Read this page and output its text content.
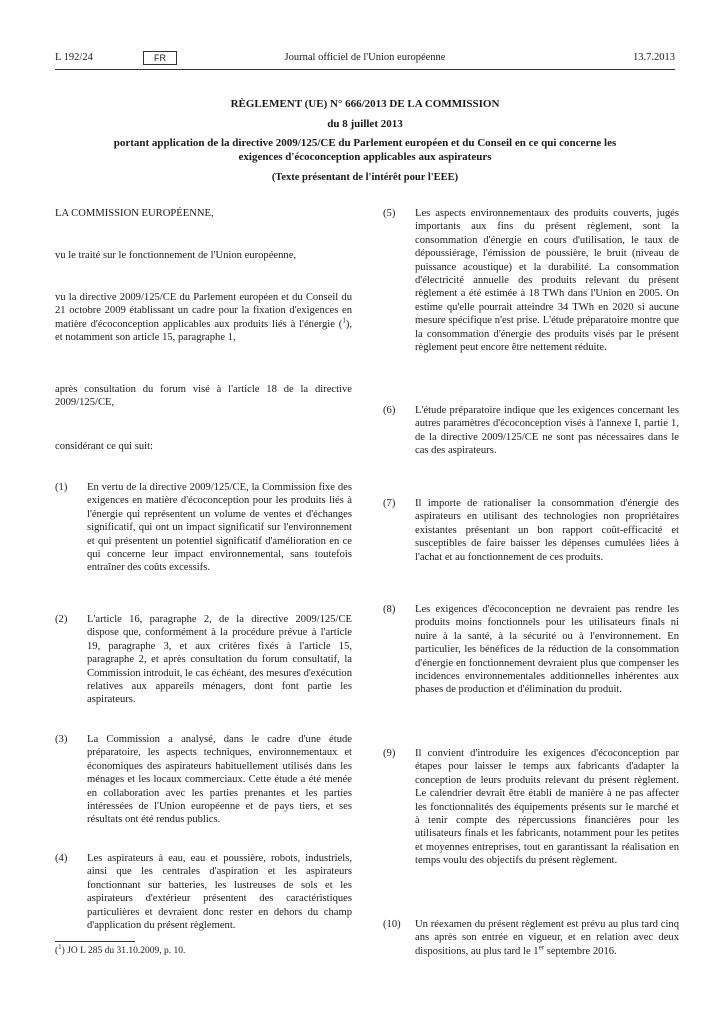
L 192/24	FR	Journal officiel de l'Union européenne	13.7.2013
RÈGLEMENT (UE) N° 666/2013 DE LA COMMISSION
du 8 juillet 2013
portant application de la directive 2009/125/CE du Parlement européen et du Conseil en ce qui concerne les exigences d'écoconception applicables aux aspirateurs
(Texte présentant de l'intérêt pour l'EEE)
LA COMMISSION EUROPÉENNE,
vu le traité sur le fonctionnement de l'Union européenne,
vu la directive 2009/125/CE du Parlement européen et du Conseil du 21 octobre 2009 établissant un cadre pour la fixation d'exigences en matière d'écoconception applicables aux produits liés à l'énergie ($^1$), et notamment son article 15, paragraphe 1,
après consultation du forum visé à l'article 18 de la directive 2009/125/CE,
considérant ce qui suit:
(1)	En vertu de la directive 2009/125/CE, la Commission fixe des exigences en matière d'écoconception pour les produits liés à l'énergie qui représentent un volume de ventes et d'échanges significatif, qui ont un impact significatif sur l'environnement et qui présentent un potentiel significatif d'amélioration en ce qui concerne leur impact environnemental, sans toutefois entraîner des coûts excessifs.
(2)	L'article 16, paragraphe 2, de la directive 2009/125/CE dispose que, conformément à la procédure prévue à l'article 19, paragraphe 3, et aux critères fixés à l'article 15, paragraphe 2, et après consultation du forum consultatif, la Commission introduit, le cas échéant, des mesures d'exécution relatives aux appareils ménagers, dont font partie les aspirateurs.
(3)	La Commission a analysé, dans le cadre d'une étude préparatoire, les aspects techniques, environnementaux et économiques des aspirateurs habituellement utilisés dans les ménages et les locaux commerciaux. Cette étude a été menée en collaboration avec les parties prenantes et les parties intéressées de l'Union européenne et de pays tiers, et ses résultats ont été rendus publics.
(4)	Les aspirateurs à eau, eau et poussière, robots, industriels, ainsi que les centrales d'aspiration et les aspirateurs fonctionnant sur batteries, les lustreuses de sols et les aspirateurs d'extérieur présentent des caractéristiques particulières et devraient donc rester en dehors du champ d'application du présent règlement.
(5)	Les aspects environnementaux des produits couverts, jugés importants aux fins du présent règlement, sont la consommation d'énergie en cours d'utilisation, le taux de dépoussiérage, l'émission de poussière, le bruit (niveau de puissance acoustique) et la durabilité. La consommation d'électricité annuelle des produits relevant du présent règlement a été estimée à 18 TWh dans l'Union en 2005. On estime qu'elle pourrait atteindre 34 TWh en 2020 si aucune mesure spécifique n'est prise. L'étude préparatoire montre que la consommation d'énergie des produits visés par le présent règlement peut encore être nettement réduite.
(6)	L'étude préparatoire indique que les exigences concernant les autres paramètres d'écoconception visés à l'annexe I, partie 1, de la directive 2009/125/CE ne sont pas nécessaires dans le cas des aspirateurs.
(7)	Il importe de rationaliser la consommation d'énergie des aspirateurs en utilisant des technologies non propriétaires existantes présentant un bon rapport coût-efficacité et susceptibles de faire baisser les dépenses cumulées liées à l'achat et au fonctionnement de ces produits.
(8)	Les exigences d'écoconception ne devraient pas rendre les produits moins fonctionnels pour les utilisateurs finals ni nuire à la santé, à la sécurité ou à l'environnement. En particulier, les bénéfices de la réduction de la consommation d'énergie en fonctionnement devraient plus que compenser les incidences environnementales additionnelles inhérentes aux phases de production et d'élimination du produit.
(9)	Il convient d'introduire les exigences d'écoconception par étapes pour laisser le temps aux fabricants d'adapter la conception de leurs produits relevant du présent règlement. Le calendrier devrait être établi de manière à ne pas affecter les fonctionnalités des équipements présents sur le marché et à tenir compte des répercussions financières pour les utilisateurs finals et les fabricants, notamment pour les petites et moyennes entreprises, tout en garantissant la réalisation en temps voulu des objectifs du présent règlement.
(10)	Un réexamen du présent règlement est prévu au plus tard cinq ans après son entrée en vigueur, et en relation avec deux dispositions, au plus tard le 1er septembre 2016.
($^1$) JO L 285 du 31.10.2009, p. 10.
